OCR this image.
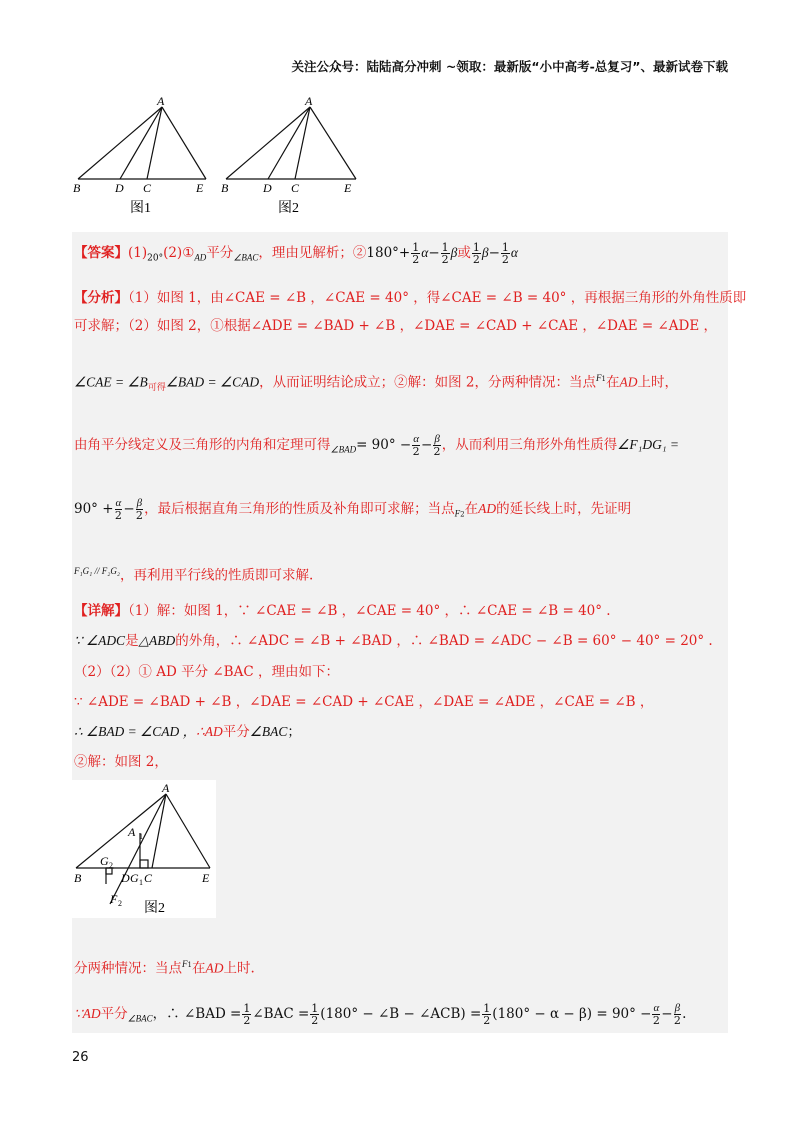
关注公众号：陆陆高分冲刺 ~领取：最新版“小中高考-总复习”、最新试卷下载
A
B	D C	E
图1
A
B	D C	E
图2
【答案】$(1)_{20^\circ}(2)①_{AD}$平分$_{\angle BAC}$，理由见解析；②180°+ $\frac{1}{2} \alpha- \frac{1}{2}$ β或 $\frac{1}{2} \beta- \frac{1}{2}$ α
【分析】（1）如图 1，由∠CAE = ∠B ，∠CAE = 40° ，得∠CAE = ∠B = 40° ，再根据三角形的外角性质即
可求解；（2）如图 2，①根据∠ADE = ∠BAD + ∠B ，∠DAE = ∠CAD + ∠CAE ，∠DAE = ∠ADE ，
∠CAE = $\angle B_{可得}\angle BAD$ = ∠CAD，从而证明结论成立；②解：如图 2，分两种情况：当点$^{F1}$在AD上时，
由角平分线定义及三角形的内角和定理可得$_{\angle BAD}= 90^\circ - \frac{\alpha}{2} - \frac{\beta}{2}$ ，从而利用三角形外角性质得∠F₁DG₁ =
$90^\circ + \frac{\alpha}{2} - \frac{\beta}{2}$ ，最后根据直角三角形的性质及补角即可求解；当点$_{F2}$在AD的延长线上时，先证明
$^{F_1G_1 // F_2G_2}$，再利用平行线的性质即可求解.
【详解】（1）解：如图 1，∵ ∠CAE = ∠B ，∠CAE = 40° ，∴ ∠CAE = ∠B = 40° .
∵ ∠ADC是△ABD的外角，∴ ∠ADC = ∠B + ∠BAD ，∴ ∠BAD = ∠ADC − ∠B = 60° − 40° = 20° .
（2）（2）① AD 平分 ∠BAC ，理由如下：
∵ ∠ADE = ∠BAD + ∠B ，∠DAE = ∠CAD + ∠CAE ，∠DAE = ∠ADE ，∠CAE = ∠B ，
∴ ∠BAD = ∠CAD ，∴AD平分∠BAC；
②解：如图 2，
A
A 1
G 2
B	D G 1 C	E
F 2 图2
分两种情况：当点$^{F1}$在AD上时.
∵AD平分$_{\angle BAC}$，∴ ∠BAD = $\frac{1}{2}$ ∠BAC = $\frac{1}{2} (180^\circ$ − ∠B − ∠ACB) = $\frac{1}{2} (180^\circ - \alpha - \beta) = 90^\circ - \frac{\alpha}{2} - \frac{\beta}{2}$ .
26
